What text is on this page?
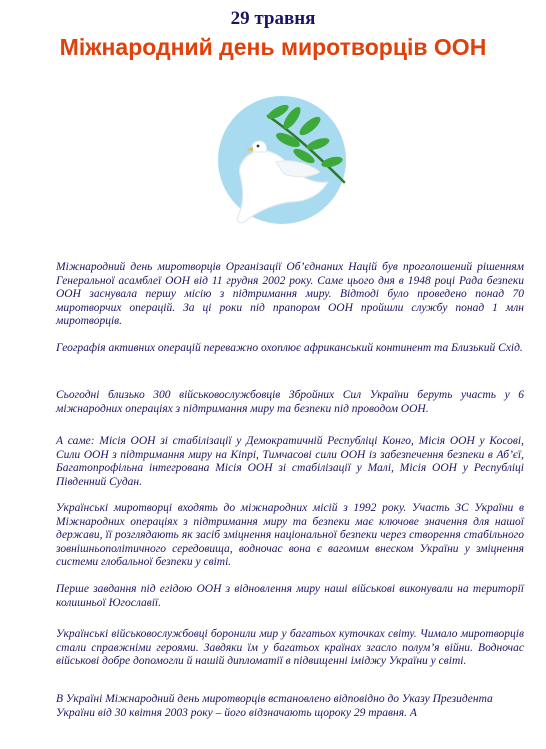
29 травня
Міжнародний день миротворців ООН

Міжнародний день миротворців Організації Об’єднаних Націй був проголошений рішенням Генеральної асамблеї ООН від 11 грудня 2002 року. Саме цього дня в 1948 році Рада безпеки ООН заснувала першу місію з підтримання миру. Відтоді було проведено понад 70 миротворчих операцій. За ці роки під прапором ООН пройшли службу понад 1 млн миротворців.

Географія активних операцій переважно охоплює африканський континент та Близький Схід.

Сьогодні близько 300 військовослужбовців Збройних Сил України беруть участь у 6 міжнародних операціях з підтримання миру та безпеки під проводом ООН.

А саме: Місія ООН зі стабілізації у Демократичній Республіці Конго, Місія ООН у Косові, Сили ООН з підтримання миру на Кіпрі, Тимчасові сили ООН із забезпечення безпеки в Аб’єї, Багатопрофільна інтегрована Місія ООН зі стабілізації у Малі, Місія ООН у Республіці Південний Судан.

Українські миротворці входять до міжнародних місій з 1992 року. Участь ЗС України в Міжнародних операціях з підтримання миру та безпеки має ключове значення для нашої держави, її розглядають як засіб зміцнення національної безпеки через створення стабільного зовнішньополітичного середовища, водночас вона є вагомим внеском України у зміцнення системи глобальної безпеки у світі.

Перше завдання під егідою ООН з відновлення миру наші військові виконували на території колишньої Югославії.

Українські військовослужбовці боронили мир у багатьох куточках світу. Чимало миротворців стали справжніми героями. Завдяки їм у багатьох країнах згасло полум’я війни. Водночас військові добре допомогли й нашій дипломатії в підвищенні іміджу України у світі.

В Україні Міжнародний день миротворців встановлено відповідно до Указу Президента України від 30 квітня 2003 року – його відзначають щороку 29 травня. А
